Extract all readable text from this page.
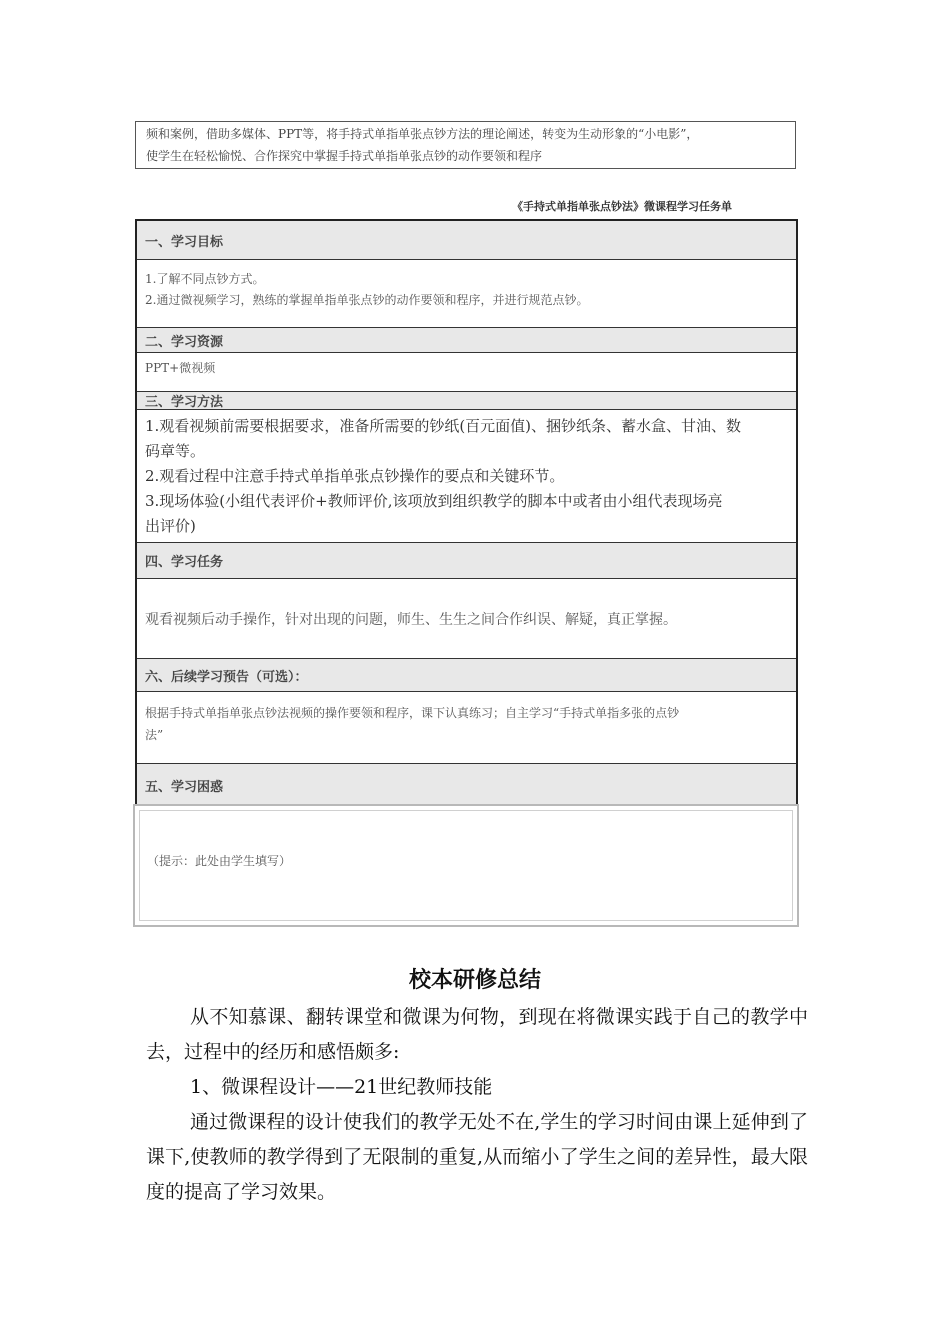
频和案例，借助多媒体、PPT等，将手持式单指单张点钞方法的理论阐述，转变为生动形象的“小电影”，
使学生在轻松愉悦、合作探究中掌握手持式单指单张点钞的动作要领和程序
《手持式单指单张点钞法》微课程学习任务单
一、学习目标
1.了解不同点钞方式。
2.通过微视频学习，熟练的掌握单指单张点钞的动作要领和程序，并进行规范点钞。
二、学习资源
PPT+微视频
三、学习方法
1.观看视频前需要根据要求，准备所需要的钞纸(百元面值)、捆钞纸条、蓄水盒、甘油、数
码章等。
2.观看过程中注意手持式单指单张点钞操作的要点和关键环节。
3.现场体验(小组代表评价+教师评价,该项放到组织教学的脚本中或者由小组代表现场亮
出评价)
四、学习任务
观看视频后动手操作，针对出现的问题，师生、生生之间合作纠误、解疑，真正掌握。
六、后续学习预告（可选）：
根据手持式单指单张点钞法视频的操作要领和程序，课下认真练习；自主学习“手持式单指多张的点钞
法”
五、学习困惑
（提示：此处由学生填写）
校本研修总结

从不知慕课、翻转课堂和微课为何物，到现在将微课实践于自己的教学中去，过程中的经历和感悟颇多:

1、微课程设计——21世纪教师技能

通过微课程的设计使我们的教学无处不在,学生的学习时间由课上延伸到了课下,使教师的教学得到了无限制的重复,从而缩小了学生之间的差异性，最大限度的提高了学习效果。
